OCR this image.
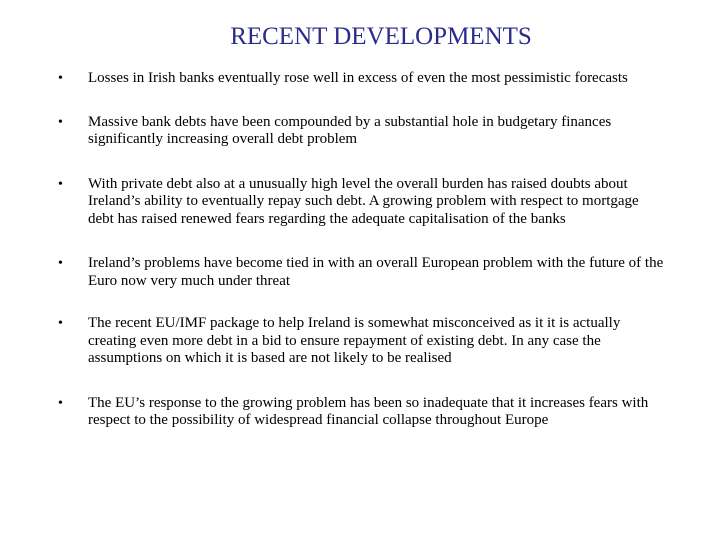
RECENT DEVELOPMENTS
• Losses in Irish banks eventually rose well in excess of even the most pessimistic forecasts
• Massive bank debts have been compounded by a substantial hole in budgetary finances significantly increasing overall debt problem
• With private debt also at a unusually high level the overall burden has raised doubts about Ireland’s ability to eventually repay such debt. A growing problem with respect to mortgage debt has raised renewed fears regarding the adequate capitalisation of the banks
• Ireland’s problems have become tied in with an overall European problem with the future of the Euro now very much under threat
• The recent EU/IMF package to help Ireland is somewhat misconceived as it it is actually creating even more debt in a bid to ensure repayment of existing debt. In any case the assumptions on which it is based are not likely to be realised
• The EU’s response to the growing problem has been so inadequate that it increases fears with respect to the possibility of widespread financial collapse throughout Europe
